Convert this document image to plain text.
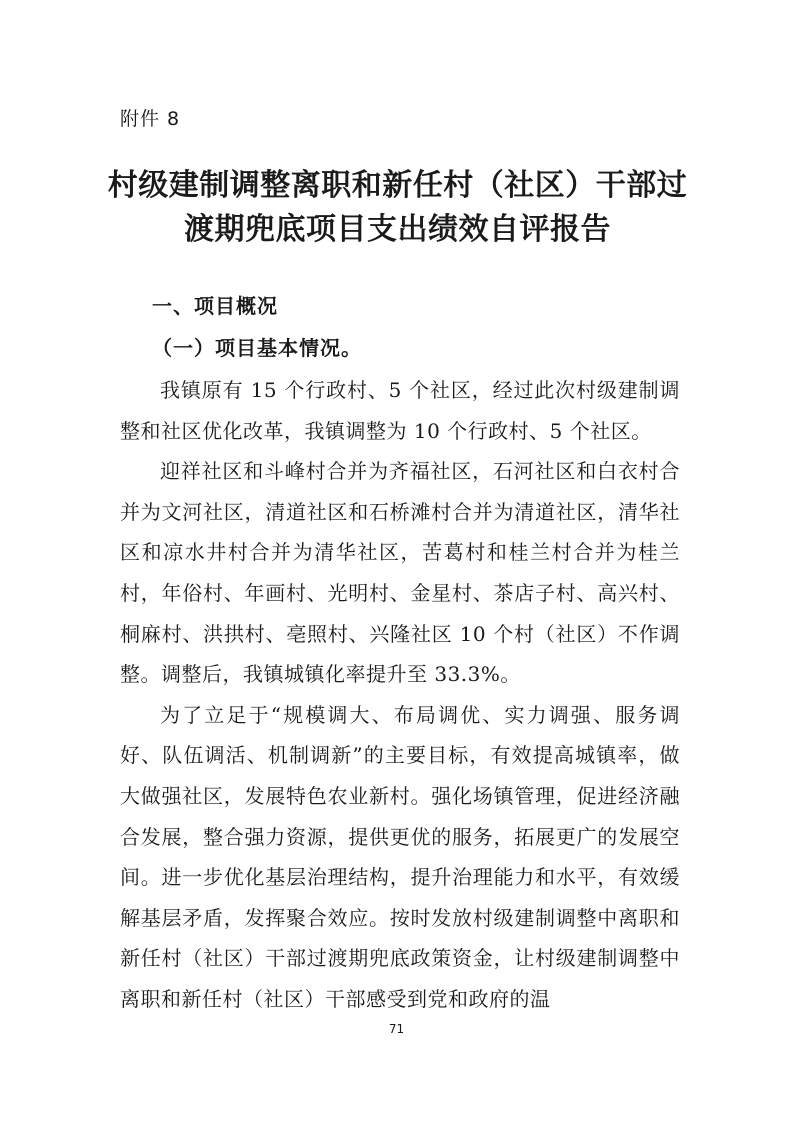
附件 8

村级建制调整离职和新任村（社区）干部过
渡期兜底项目支出绩效自评报告
一、项目概况
（一）项目基本情况。

我镇原有 15 个行政村、5 个社区，经过此次村级建制调整和社区优化改革，我镇调整为 10 个行政村、5 个社区。

迎祥社区和斗峰村合并为齐福社区，石河社区和白衣村合并为文河社区，清道社区和石桥滩村合并为清道社区，清华社区和凉水井村合并为清华社区，苦葛村和桂兰村合并为桂兰村，年俗村、年画村、光明村、金星村、茶店子村、高兴村、桐麻村、洪拱村、亳照村、兴隆社区 10 个村（社区）不作调整。调整后，我镇城镇化率提升至 33.3%。

为了立足于“规模调大、布局调优、实力调强、服务调好、队伍调活、机制调新”的主要目标，有效提高城镇率，做大做强社区，发展特色农业新村。强化场镇管理，促进经济融合发展，整合强力资源，提供更优的服务，拓展更广的发展空间。进一步优化基层治理结构，提升治理能力和水平，有效缓解基层矛盾，发挥聚合效应。按时发放村级建制调整中离职和新任村（社区）干部过渡期兜底政策资金，让村级建制调整中离职和新任村（社区）干部感受到党和政府的温

71
